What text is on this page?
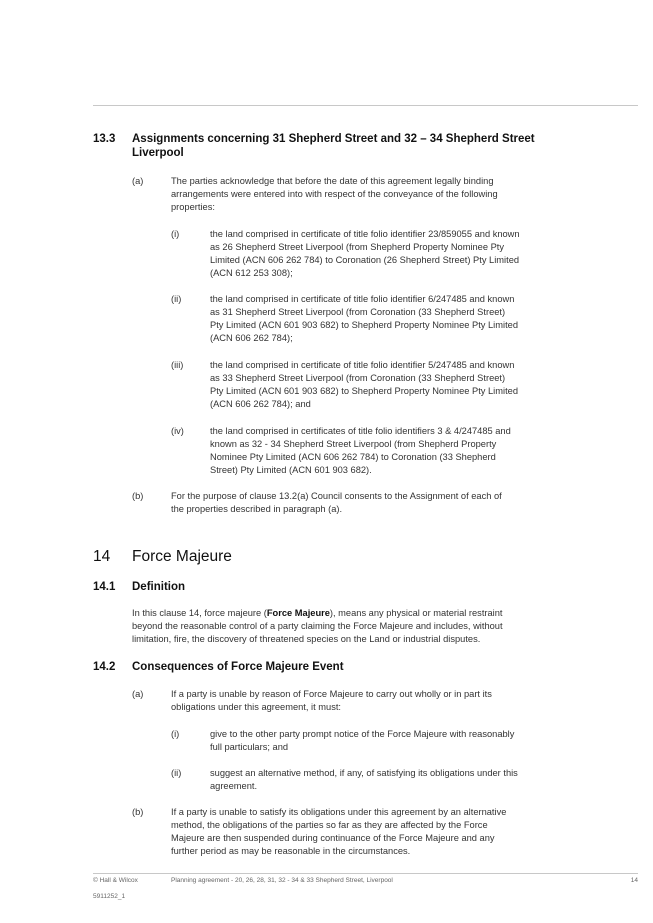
13.3 Assignments concerning 31 Shepherd Street and 32 – 34 Shepherd Street
Liverpool
(a)	The parties acknowledge that before the date of this agreement legally binding
arrangements were entered into with respect of the conveyance of the following
properties:
(i)	the land comprised in certificate of title folio identifier 23/859055 and known
as 26 Shepherd Street Liverpool (from Shepherd Property Nominee Pty
Limited (ACN 606 262 784) to Coronation (26 Shepherd Street) Pty Limited
(ACN 612 253 308);
(ii)	the land comprised in certificate of title folio identifier 6/247485 and known
as 31 Shepherd Street Liverpool (from Coronation (33 Shepherd Street)
Pty Limited (ACN 601 903 682) to Shepherd Property Nominee Pty Limited
(ACN 606 262 784);
(iii)	the land comprised in certificate of title folio identifier 5/247485 and known
as 33 Shepherd Street Liverpool (from Coronation (33 Shepherd Street)
Pty Limited (ACN 601 903 682) to Shepherd Property Nominee Pty Limited
(ACN 606 262 784); and
(iv)	the land comprised in certificates of title folio identifiers 3 & 4/247485 and
known as 32 - 34 Shepherd Street Liverpool (from Shepherd Property
Nominee Pty Limited (ACN 606 262 784) to Coronation (33 Shepherd
Street) Pty Limited (ACN 601 903 682).
(b)	For the purpose of clause 13.2(a) Council consents to the Assignment of each of
the properties described in paragraph (a).
14 Force Majeure
14.1 Definition
In this clause 14, force majeure (Force Majeure), means any physical or material restraint
beyond the reasonable control of a party claiming the Force Majeure and includes, without
limitation, fire, the discovery of threatened species on the Land or industrial disputes.
14.2 Consequences of Force Majeure Event
(a)	If a party is unable by reason of Force Majeure to carry out wholly or in part its
obligations under this agreement, it must:
(i)	give to the other party prompt notice of the Force Majeure with reasonably
full particulars; and
(ii)	suggest an alternative method, if any, of satisfying its obligations under this
agreement.
(b)	If a party is unable to satisfy its obligations under this agreement by an alternative
method, the obligations of the parties so far as they are affected by the Force
Majeure are then suspended during continuance of the Force Majeure and any
further period as may be reasonable in the circumstances.
© Hall & Wilcox	Planning agreement - 20, 26, 28, 31, 32 - 34 & 33 Shepherd Street, Liverpool	14
5911252_1
